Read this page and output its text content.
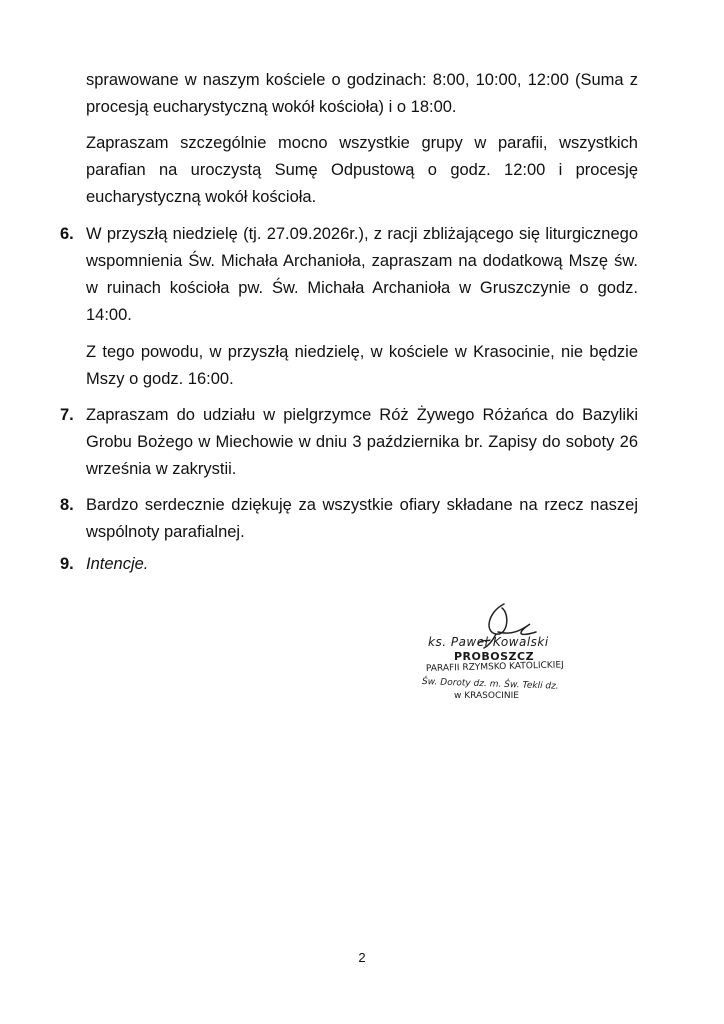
sprawowane w naszym kościele o godzinach: 8:00, 10:00, 12:00 (Suma z procesją eucharystyczną wokół kościoła) i o 18:00.

Zapraszam szczególnie mocno wszystkie grupy w parafii, wszystkich parafian na uroczystą Sumę Odpustową o godz. 12:00 i procesję eucharystyczną wokół kościoła.

6. W przyszłą niedzielę (tj. 27.09.2026r.), z racji zbliżającego się liturgicznego wspomnienia Św. Michała Archanioła, zapraszam na dodatkową Mszę św. w ruinach kościoła pw. Św. Michała Archanioła w Gruszczynie o godz. 14:00.

Z tego powodu, w przyszłą niedzielę, w kościele w Krasocinie, nie będzie Mszy o godz. 16:00.

7. Zapraszam do udziału w pielgrzymce Róż Żywego Różańca do Bazyliki Grobu Bożego w Miechowie w dniu 3 października br. Zapisy do soboty 26 września w zakrystii.

8. Bardzo serdecznie dziękuję za wszystkie ofiary składane na rzecz naszej wspólnoty parafialnej.

9. Intencje.

ks. Paweł Kowalski
PROBOSZCZ
PARAFII RZYMSKO KATOLICKIEJ
Św. Doroty dz. m. Św. Tekli dz.
w KRASOCINIE
2
